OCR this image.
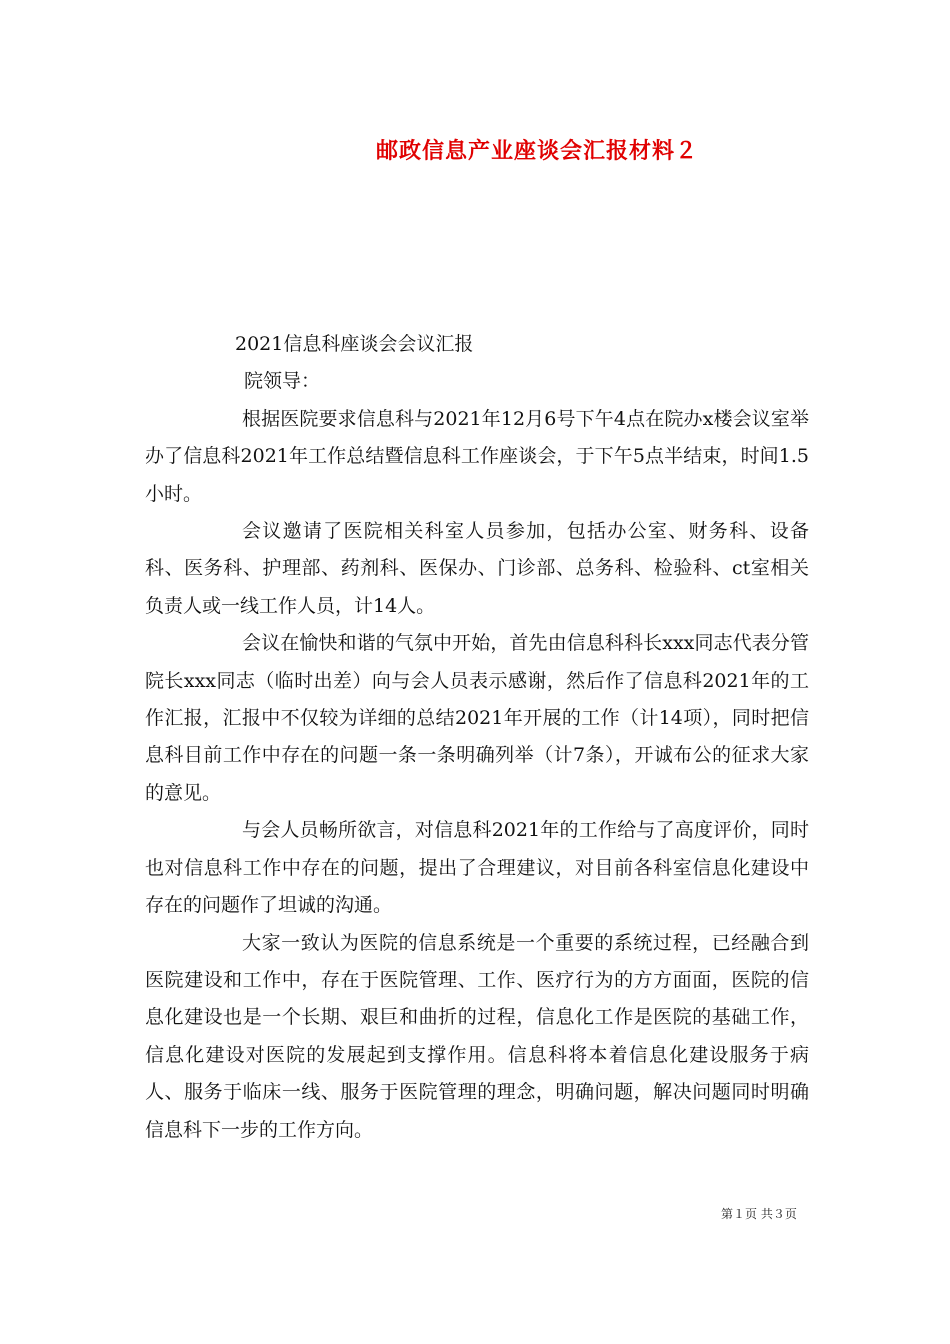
邮政信息产业座谈会汇报材料２

2021信息科座谈会会议汇报

院领导：

根据医院要求信息科与2021年12月6号下午4点在院办x楼会议室举办了信息科2021年工作总结暨信息科工作座谈会，于下午5点半结束，时间1.5小时。

会议邀请了医院相关科室人员参加，包括办公室、财务科、设备科、医务科、护理部、药剂科、医保办、门诊部、总务科、检验科、ct室相关负责人或一线工作人员，计14人。

会议在愉快和谐的气氛中开始，首先由信息科科长xxx同志代表分管院长xxx同志（临时出差）向与会人员表示感谢，然后作了信息科2021年的工作汇报，汇报中不仅较为详细的总结2021年开展的工作（计14项），同时把信息科目前工作中存在的问题一条一条明确列举（计7条），开诚布公的征求大家的意见。

与会人员畅所欲言，对信息科2021年的工作给与了高度评价，同时也对信息科工作中存在的问题，提出了合理建议，对目前各科室信息化建设中存在的问题作了坦诚的沟通。

大家一致认为医院的信息系统是一个重要的系统过程，已经融合到医院建设和工作中，存在于医院管理、工作、医疗行为的方方面面，医院的信息化建设也是一个长期、艰巨和曲折的过程，信息化工作是医院的基础工作，信息化建设对医院的发展起到支撑作用。信息科将本着信息化建设服务于病人、服务于临床一线、服务于医院管理的理念，明确问题，解决问题同时明确信息科下一步的工作方向。

第１页 共３页
